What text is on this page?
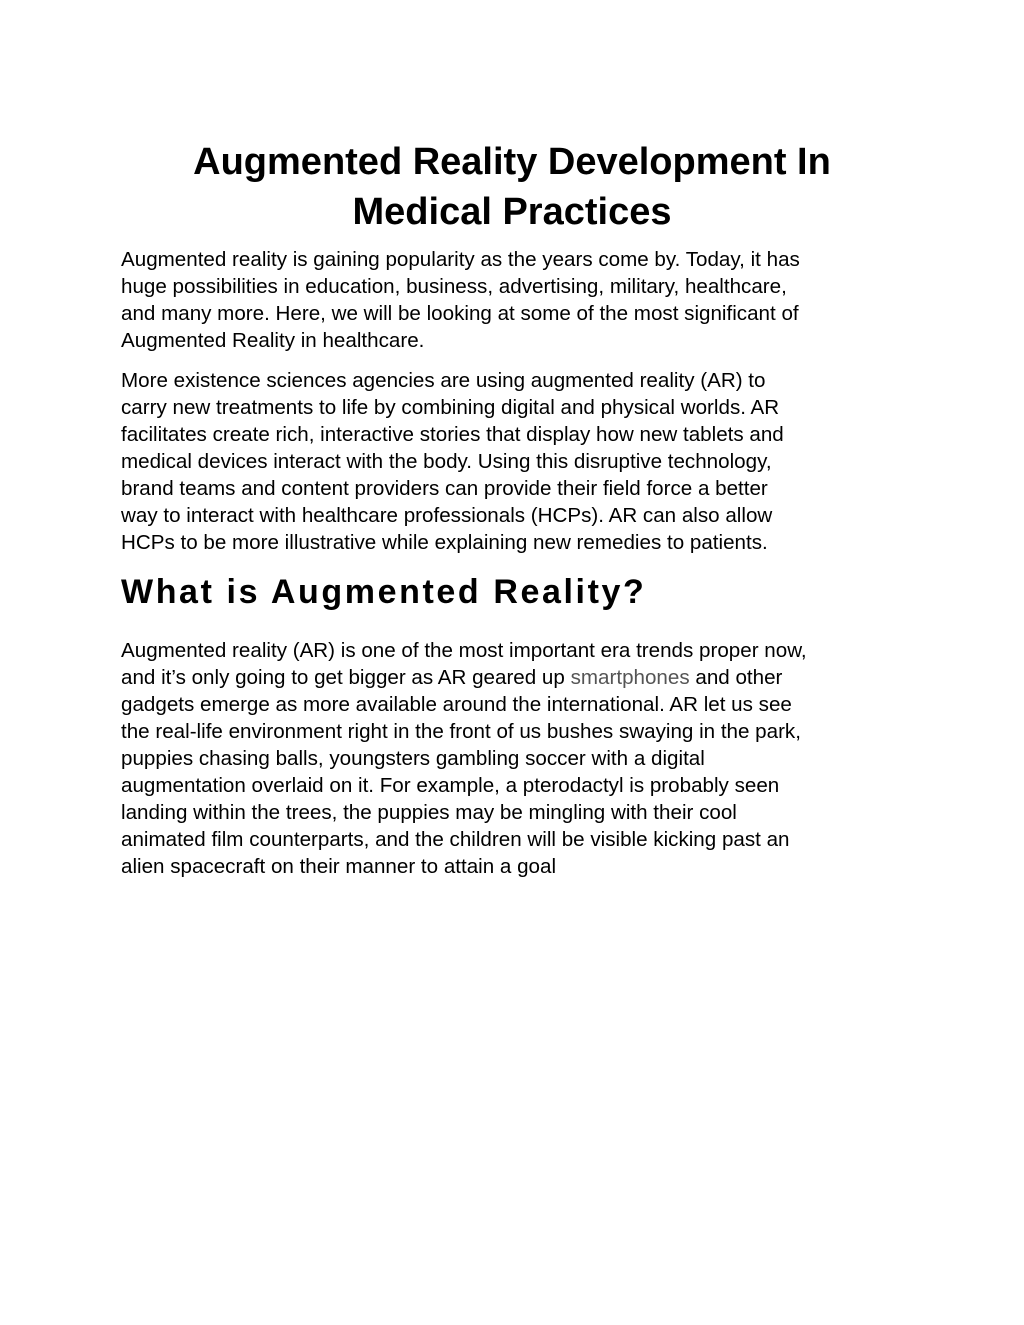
Augmented Reality Development In
Medical Practices

Augmented reality is gaining popularity as the years come by. Today, it has
huge possibilities in education, business, advertising, military, healthcare,
and many more. Here, we will be looking at some of the most significant of
Augmented Reality in healthcare.

More existence sciences agencies are using augmented reality (AR) to
carry new treatments to life by combining digital and physical worlds. AR
facilitates create rich, interactive stories that display how new tablets and
medical devices interact with the body. Using this disruptive technology,
brand teams and content providers can provide their field force a better
way to interact with healthcare professionals (HCPs). AR can also allow
HCPs to be more illustrative while explaining new remedies to patients.

What is Augmented Reality?

Augmented reality (AR) is one of the most important era trends proper now,
and it’s only going to get bigger as AR geared up smartphones and other
gadgets emerge as more available around the international. AR let us see
the real-life environment right in the front of us bushes swaying in the park,
puppies chasing balls, youngsters gambling soccer with a digital
augmentation overlaid on it. For example, a pterodactyl is probably seen
landing within the trees, the puppies may be mingling with their cool
animated film counterparts, and the children will be visible kicking past an
alien spacecraft on their manner to attain a goal
